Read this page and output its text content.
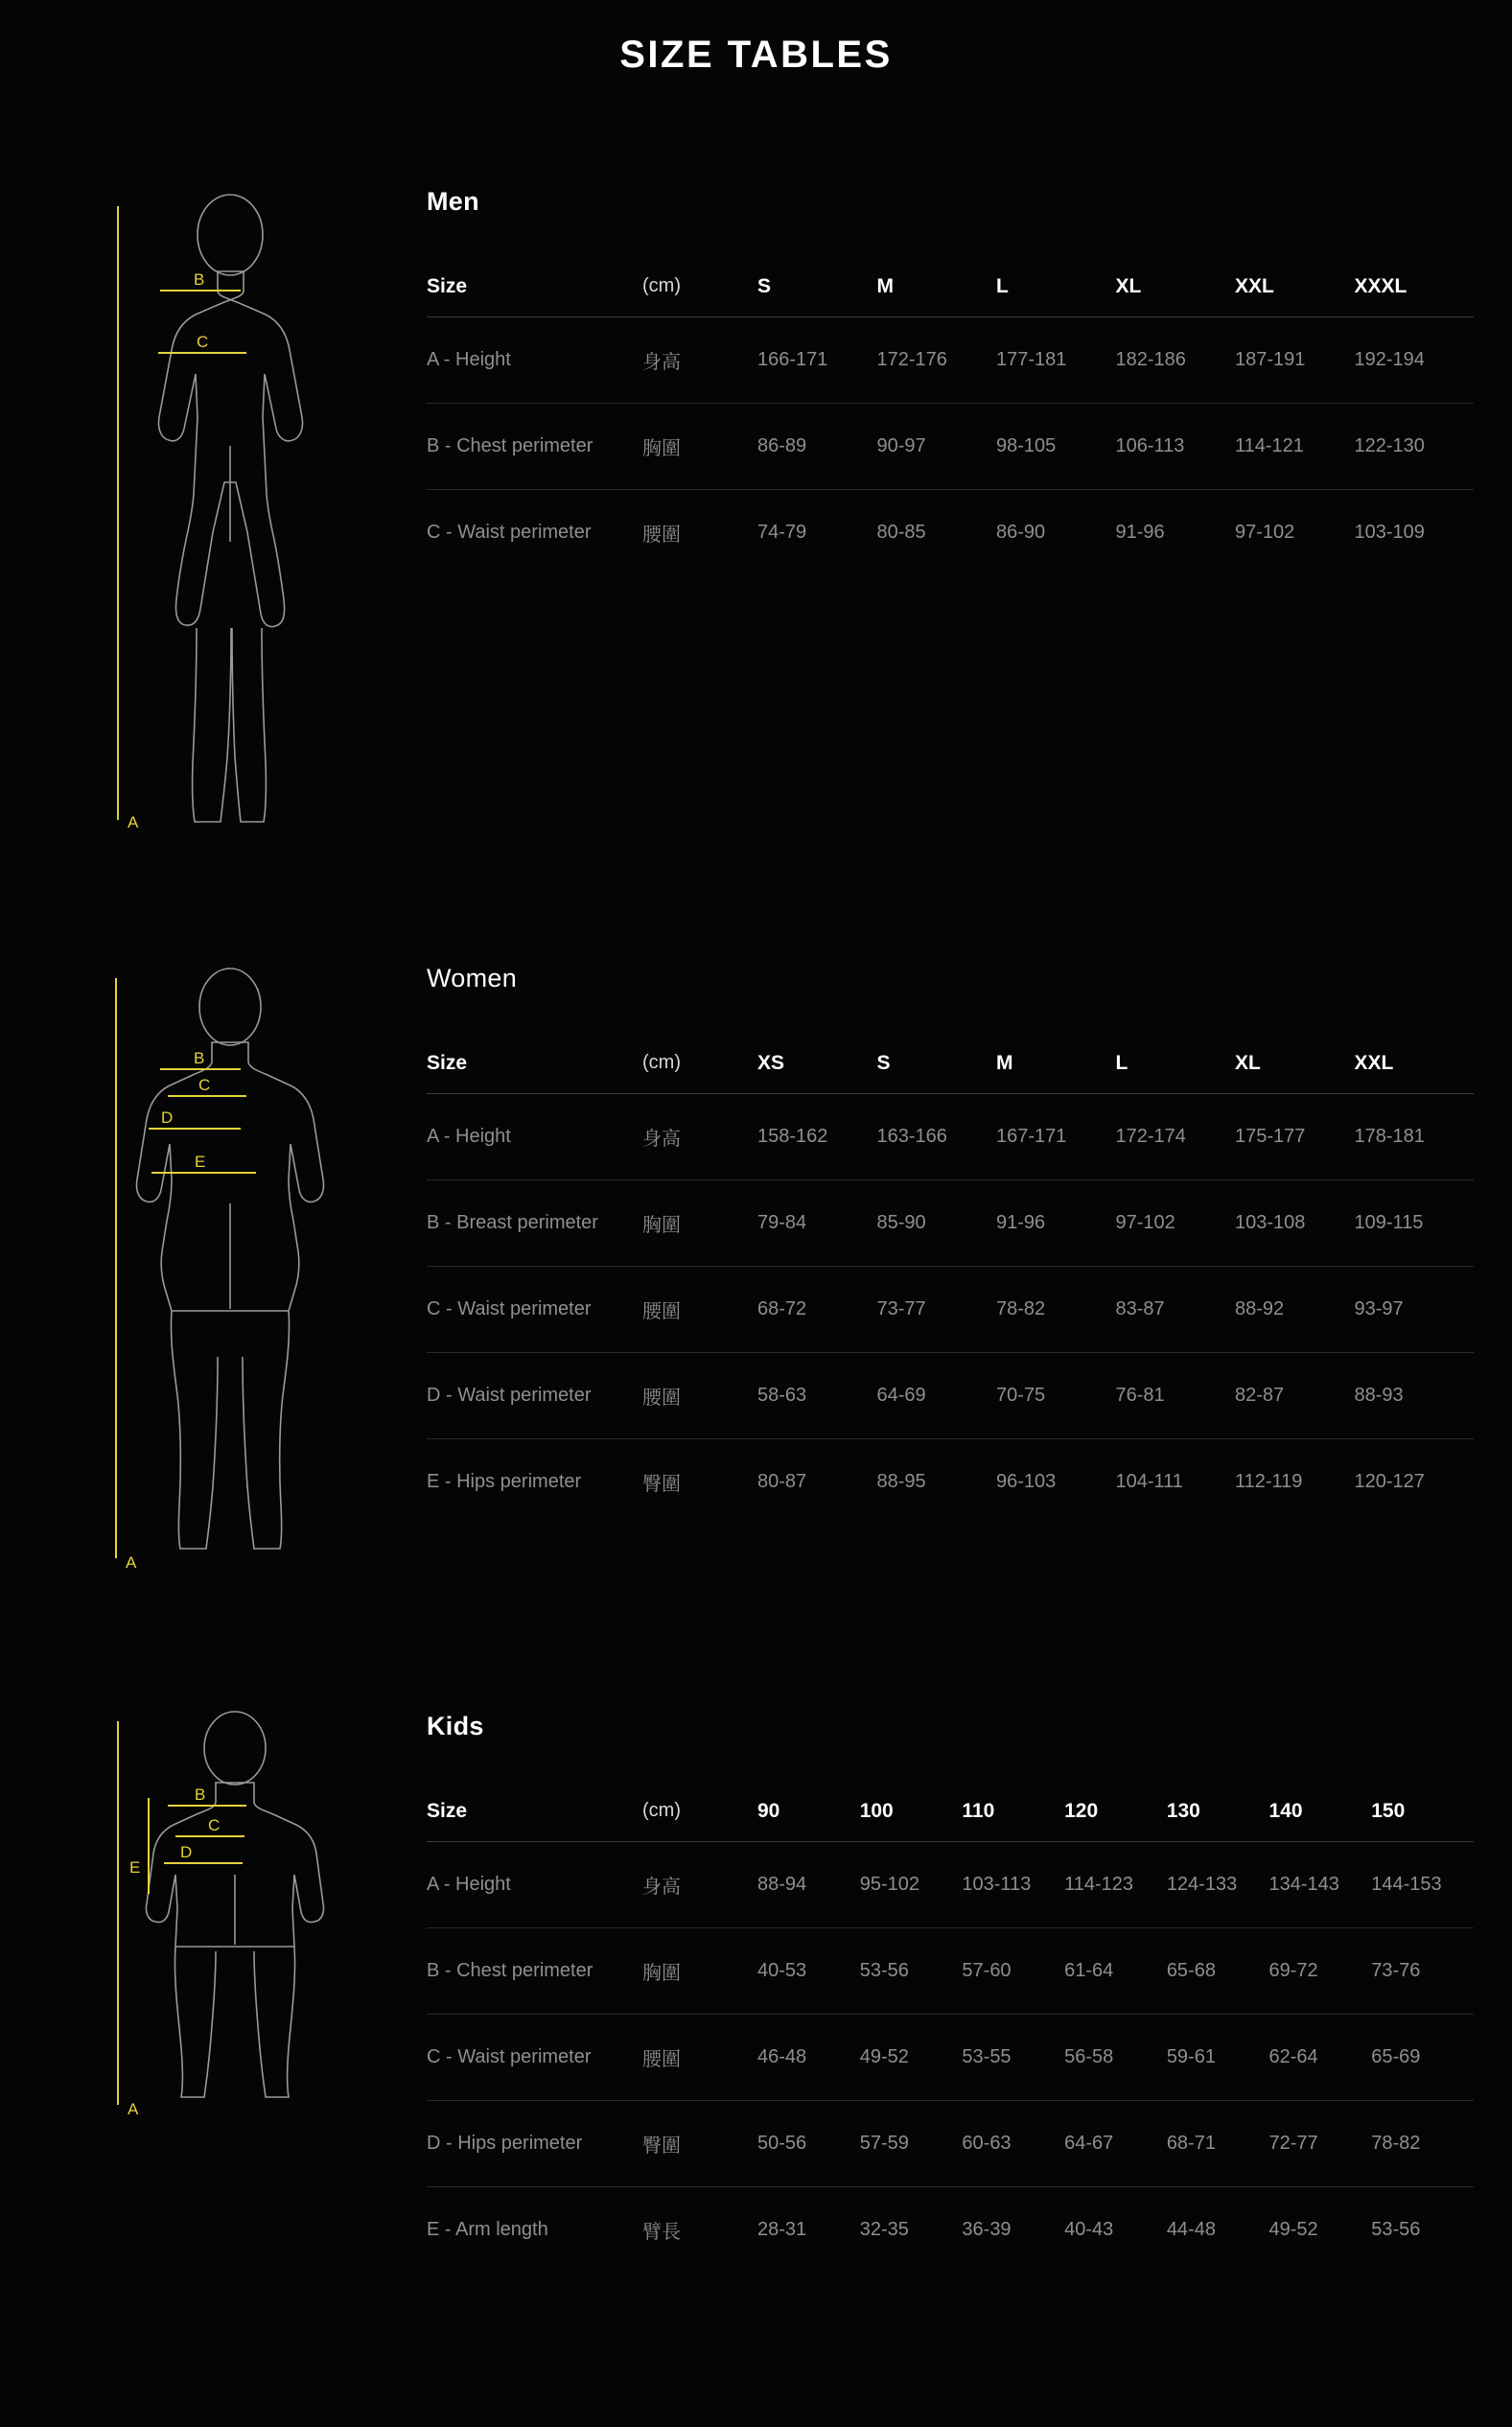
SIZE TABLES
A
B
C
Men
Size	(cm)	S	M	L	XL	XXL	XXXL
A - Height	身高	166-171	172-176	177-181	182-186	187-191	192-194
B - Chest perimeter	胸圍	86-89	90-97	98-105	106-113	114-121	122-130
C - Waist perimeter	腰圍	74-79	80-85	86-90	91-96	97-102	103-109
A
B
C
D
E
Women
Size	(cm)	XS	S	M	L	XL	XXL
A - Height	身高	158-162	163-166	167-171	172-174	175-177	178-181
B - Breast perimeter	胸圍	79-84	85-90	91-96	97-102	103-108	109-115
C - Waist perimeter	腰圍	68-72	73-77	78-82	83-87	88-92	93-97
D - Waist perimeter	腰圍	58-63	64-69	70-75	76-81	82-87	88-93
E - Hips perimeter	臀圍	80-87	88-95	96-103	104-111	112-119	120-127
A
B
C
D
E
Kids
Size	(cm)	90	100	110	120	130	140	150
A - Height	身高	88-94	95-102	103-113	114-123	124-133	134-143	144-153
B - Chest perimeter	胸圍	40-53	53-56	57-60	61-64	65-68	69-72	73-76
C - Waist perimeter	腰圍	46-48	49-52	53-55	56-58	59-61	62-64	65-69
D - Hips perimeter	臀圍	50-56	57-59	60-63	64-67	68-71	72-77	78-82
E - Arm length	臂長	28-31	32-35	36-39	40-43	44-48	49-52	53-56
